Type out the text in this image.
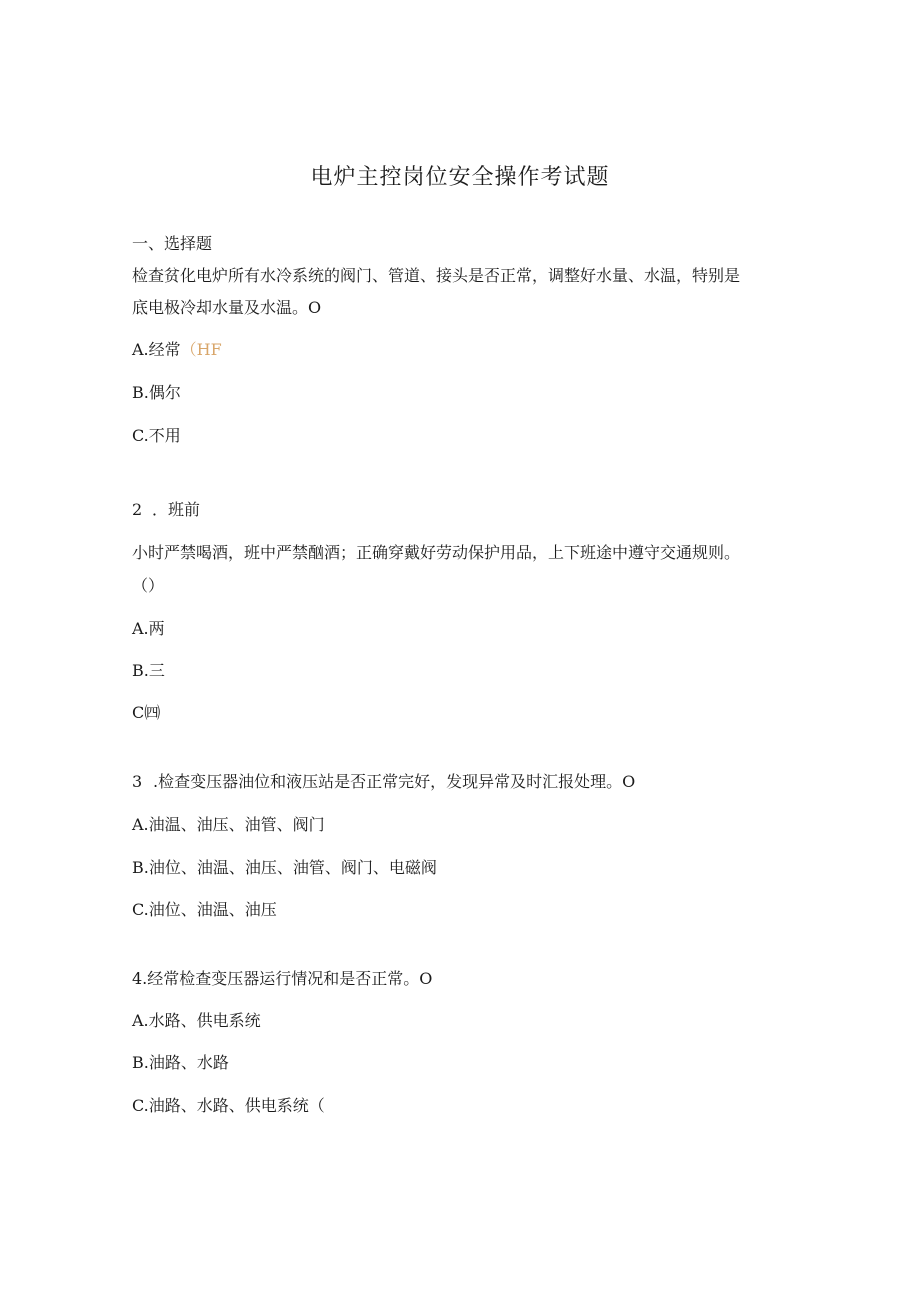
电炉主控岗位安全操作考试题
一、选择题
检查贫化电炉所有水冷系统的阀门、管道、接头是否正常，调整好水量、水温，特别是
底电极冷却水量及水温。O
A.经常（HF
B.偶尔
C.不用
2 ．班前
小时严禁喝酒，班中严禁酗酒；正确穿戴好劳动保护用品，上下班途中遵守交通规则。
（）
A.两
B.三
C㈣
3 .检查变压器油位和液压站是否正常完好，发现异常及时汇报处理。O
A.油温、油压、油管、阀门
B.油位、油温、油压、油管、阀门、电磁阀
C.油位、油温、油压
4.经常检查变压器运行情况和是否正常。O
A.水路、供电系统
B.油路、水路
C.油路、水路、供电系统（
